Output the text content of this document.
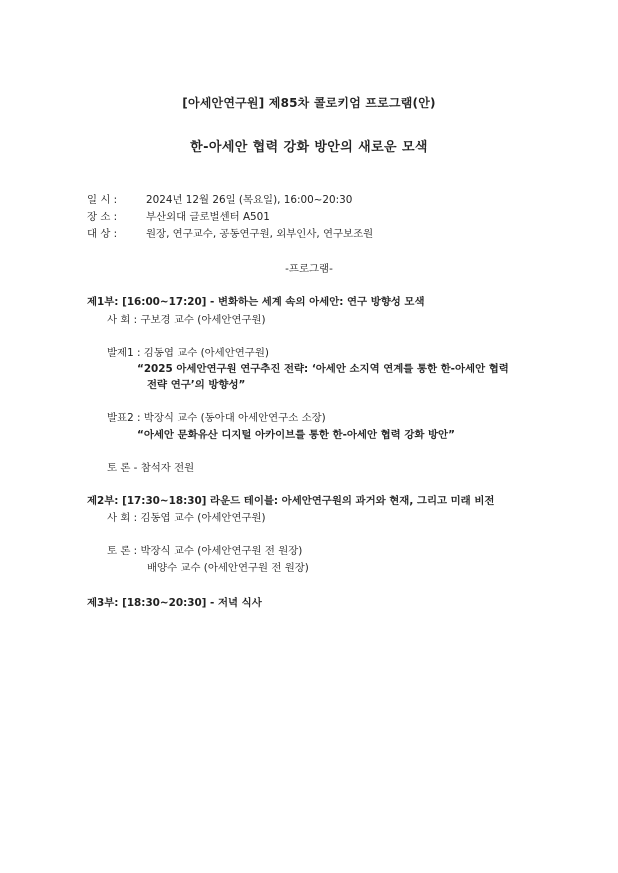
[아세안연구원] 제85차 콜로키엄 프로그램(안)
한-아세안 협력 강화 방안의 새로운 모색
일 시 :	2024년 12월 26일 (목요일), 16:00~20:30
장 소 :	부산외대 글로벌센터 A501
대 상 :	원장, 연구교수, 공동연구원, 외부인사, 연구보조원
-프로그램-
제1부: [16:00~17:20] - 변화하는 세계 속의 아세안: 연구 방향성 모색
사 회 : 구보경 교수 (아세안연구원)
발제1 : 김동엽 교수 (아세안연구원)
“2025 아세안연구원 연구추진 전략: ‘아세안 소지역 연계를 통한 한-아세안 협력
전략 연구’의 방향성”
발표2 : 박장식 교수 (동아대 아세안연구소 소장)
“아세안 문화유산 디지털 아카이브를 통한 한-아세안 협력 강화 방안”
토 론 - 참석자 전원
제2부: [17:30~18:30] 라운드 테이블: 아세안연구원의 과거와 현재, 그리고 미래 비전
사 회 : 김동엽 교수 (아세안연구원)
토 론 : 박장식 교수 (아세안연구원 전 원장)
배양수 교수 (아세안연구원 전 원장)
제3부: [18:30~20:30] - 저녁 식사
